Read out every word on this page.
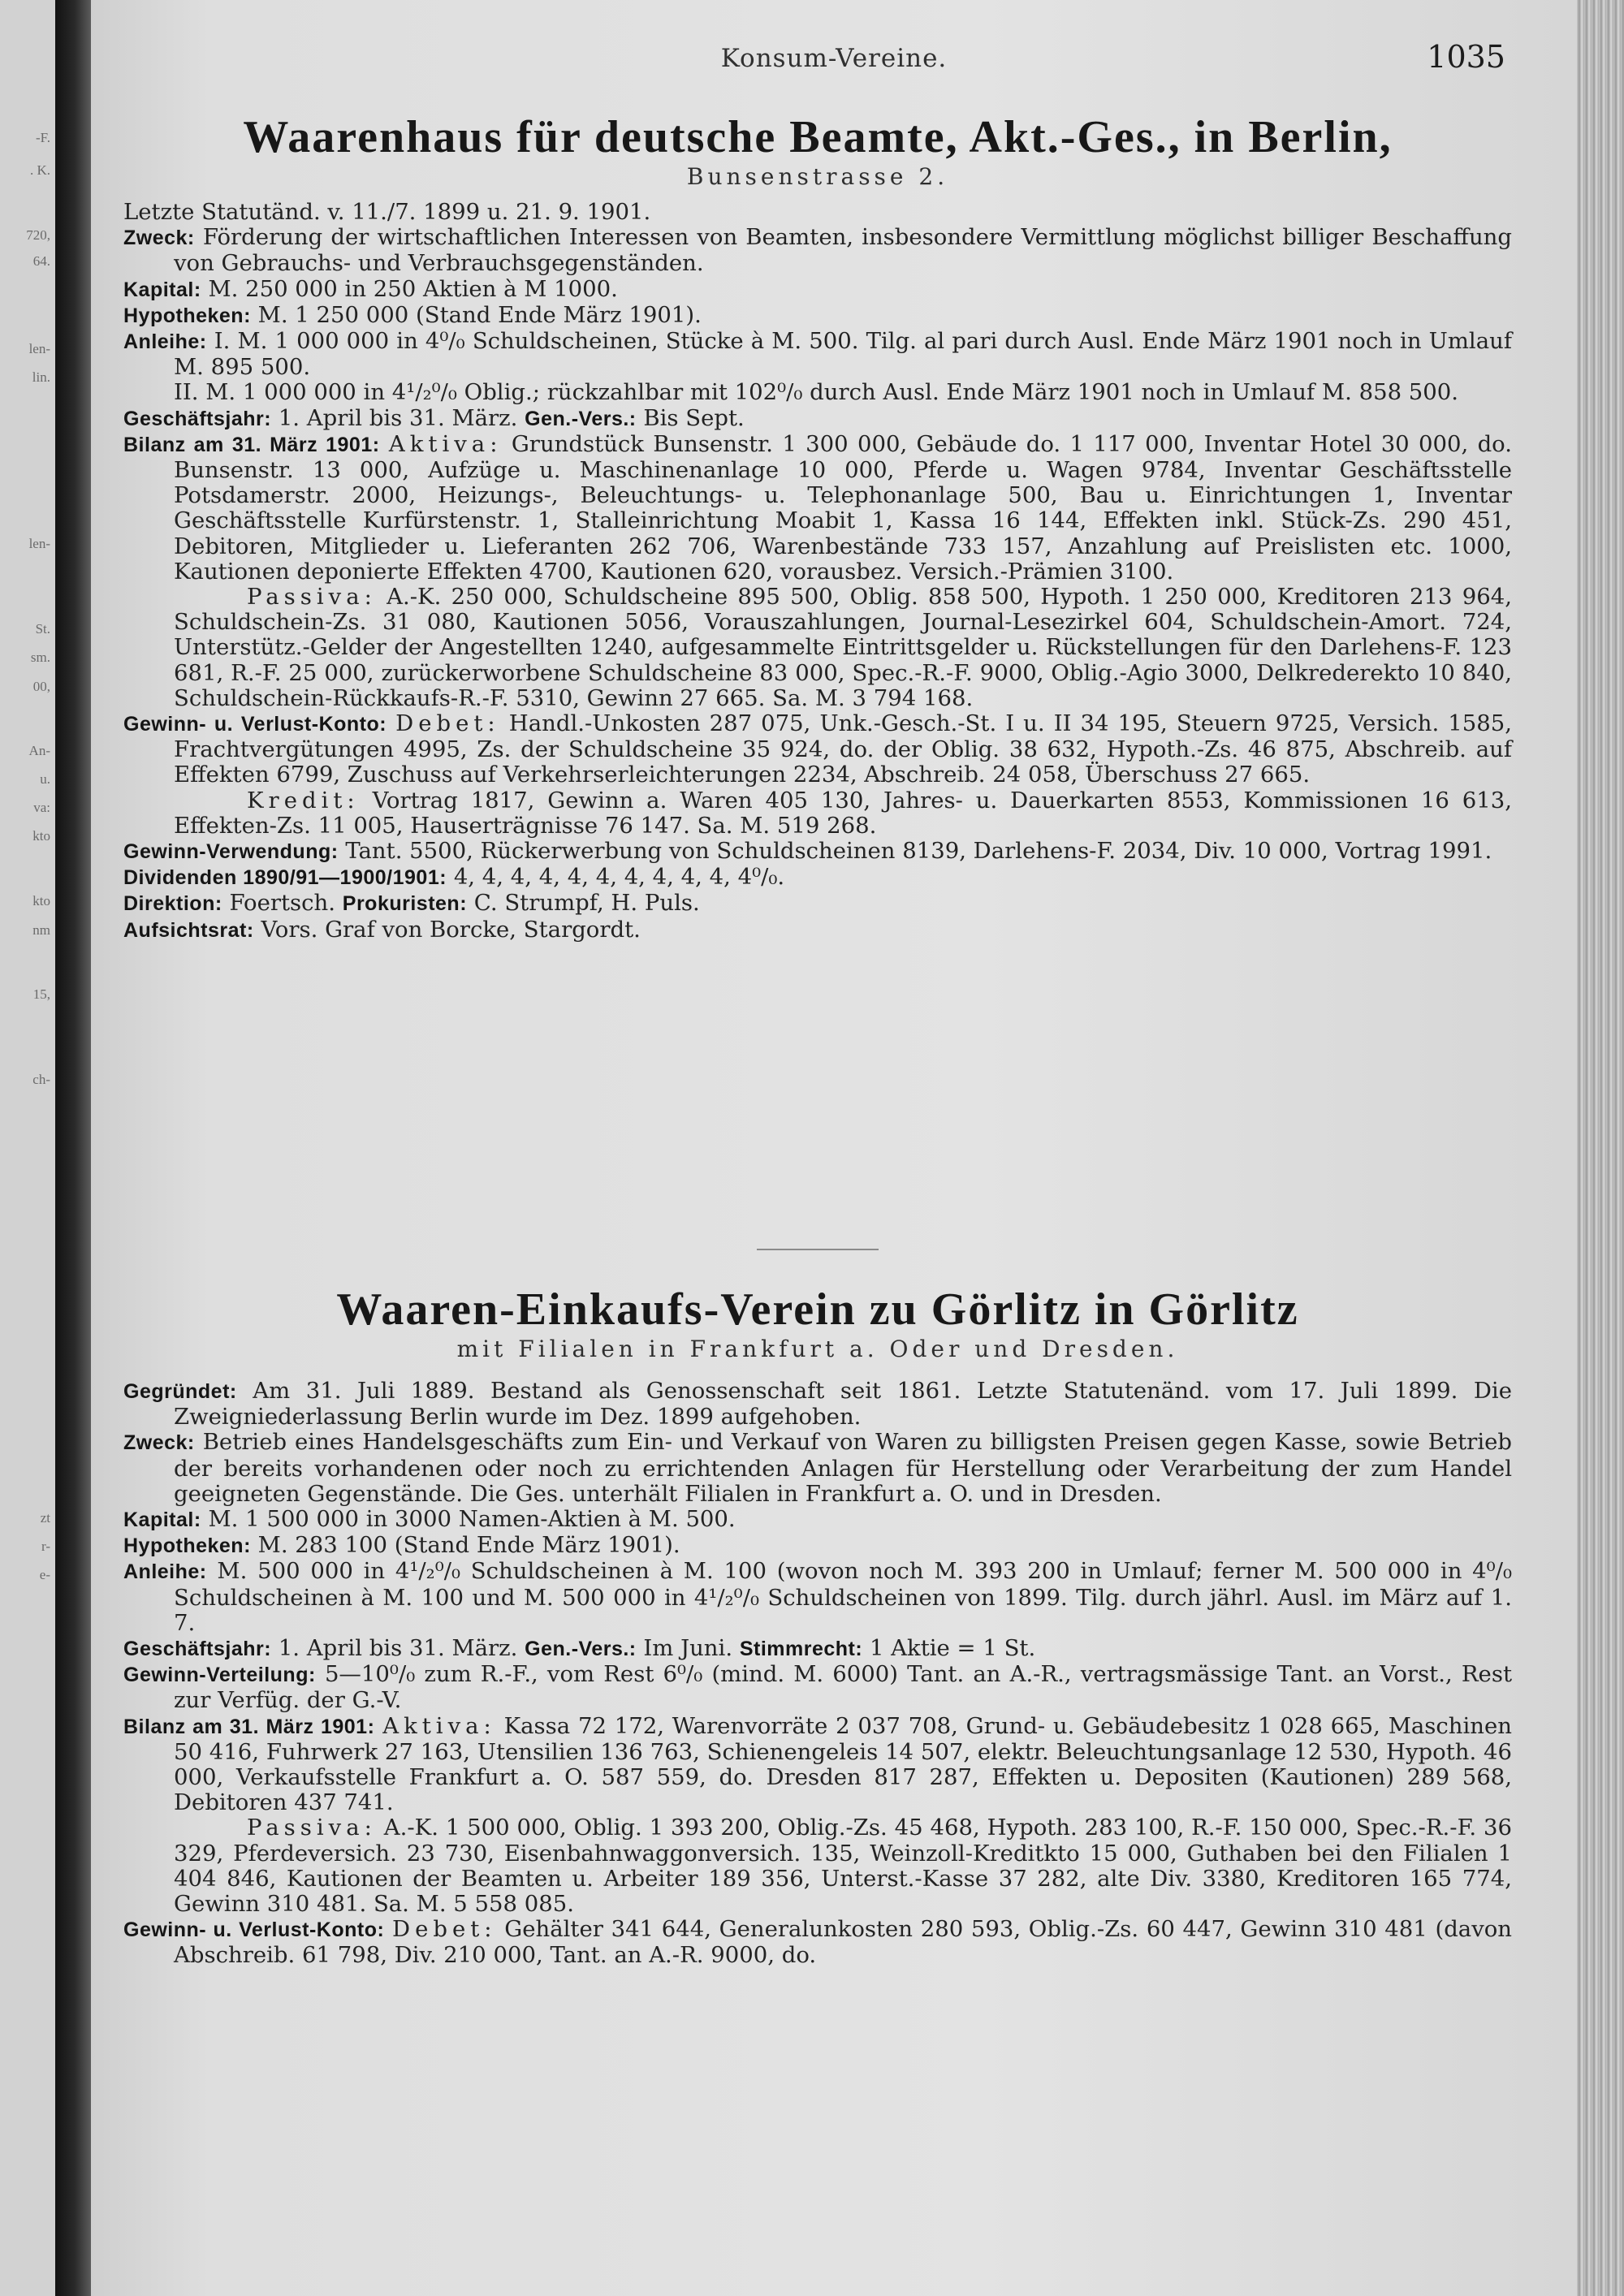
-F.
. K.
720,
64.
len-
lin.
len-
St.
sm.
00,
An-
u.
va:
kto
kto
nm
15,
ch-
zt
r-
e-
Konsum-Vereine.	1035
Waarenhaus für deutsche Beamte, Akt.-Ges., in Berlin,
Bunsenstrasse 2.

Letzte Statutänd. v. 11./7. 1899 u. 21. 9. 1901.

Zweck: Förderung der wirtschaftlichen Interessen von Beamten, insbesondere Vermittlung möglichst billiger Beschaffung von Gebrauchs- und Verbrauchsgegenständen.

Kapital: M. 250 000 in 250 Aktien à M 1000.

Hypotheken: M. 1 250 000 (Stand Ende März 1901).

Anleihe: I. M. 1 000 000 in 4⁰/₀ Schuldscheinen, Stücke à M. 500. Tilg. al pari durch Ausl. Ende März 1901 noch in Umlauf M. 895 500.

II. M. 1 000 000 in 4¹/₂⁰/₀ Oblig.; rückzahlbar mit 102⁰/₀ durch Ausl. Ende März 1901 noch in Umlauf M. 858 500.

Geschäftsjahr: 1. April bis 31. März. Gen.-Vers.: Bis Sept.

Bilanz am 31. März 1901: Aktiva: Grundstück Bunsenstr. 1 300 000, Gebäude do. 1 117 000, Inventar Hotel 30 000, do. Bunsenstr. 13 000, Aufzüge u. Maschinenanlage 10 000, Pferde u. Wagen 9784, Inventar Geschäftsstelle Potsdamerstr. 2000, Heizungs-, Beleuchtungs- u. Telephonanlage 500, Bau u. Einrichtungen 1, Inventar Geschäftsstelle Kurfürstenstr. 1, Stalleinrichtung Moabit 1, Kassa 16 144, Effekten inkl. Stück-Zs. 290 451, Debitoren, Mitglieder u. Lieferanten 262 706, Warenbestände 733 157, Anzahlung auf Preislisten etc. 1000, Kautionen deponierte Effekten 4700, Kautionen 620, vorausbez. Versich.-Prämien 3100.

Passiva: A.-K. 250 000, Schuldscheine 895 500, Oblig. 858 500, Hypoth. 1 250 000, Kreditoren 213 964, Schuldschein-Zs. 31 080, Kautionen 5056, Vorauszahlungen, Journal-Lesezirkel 604, Schuldschein-Amort. 724, Unterstütz.-Gelder der Angestellten 1240, aufgesammelte Eintrittsgelder u. Rückstellungen für den Darlehens-F. 123 681, R.-F. 25 000, zurückerworbene Schuldscheine 83 000, Spec.-R.-F. 9000, Oblig.-Agio 3000, Delkrederekto 10 840, Schuldschein-Rückkaufs-R.-F. 5310, Gewinn 27 665. Sa. M. 3 794 168.

Gewinn- u. Verlust-Konto: Debet: Handl.-Unkosten 287 075, Unk.-Gesch.-St. I u. II 34 195, Steuern 9725, Versich. 1585, Frachtvergütungen 4995, Zs. der Schuldscheine 35 924, do. der Oblig. 38 632, Hypoth.-Zs. 46 875, Abschreib. auf Effekten 6799, Zuschuss auf Verkehrserleichterungen 2234, Abschreib. 24 058, Überschuss 27 665.

Kredit: Vortrag 1817, Gewinn a. Waren 405 130, Jahres- u. Dauerkarten 8553, Kommissionen 16 613, Effekten-Zs. 11 005, Hauserträgnisse 76 147. Sa. M. 519 268.

Gewinn-Verwendung: Tant. 5500, Rückerwerbung von Schuldscheinen 8139, Darlehens-F. 2034, Div. 10 000, Vortrag 1991.

Dividenden 1890/91—1900/1901: 4, 4, 4, 4, 4, 4, 4, 4, 4, 4, 4⁰/₀.

Direktion: Foertsch. Prokuristen: C. Strumpf, H. Puls.

Aufsichtsrat: Vors. Graf von Borcke, Stargordt.

Waaren-Einkaufs-Verein zu Görlitz in Görlitz
mit Filialen in Frankfurt a. Oder und Dresden.

Gegründet: Am 31. Juli 1889. Bestand als Genossenschaft seit 1861. Letzte Statutenänd. vom 17. Juli 1899. Die Zweigniederlassung Berlin wurde im Dez. 1899 aufgehoben.

Zweck: Betrieb eines Handelsgeschäfts zum Ein- und Verkauf von Waren zu billigsten Preisen gegen Kasse, sowie Betrieb der bereits vorhandenen oder noch zu errichtenden Anlagen für Herstellung oder Verarbeitung der zum Handel geeigneten Gegenstände. Die Ges. unterhält Filialen in Frankfurt a. O. und in Dresden.

Kapital: M. 1 500 000 in 3000 Namen-Aktien à M. 500.

Hypotheken: M. 283 100 (Stand Ende März 1901).

Anleihe: M. 500 000 in 4¹/₂⁰/₀ Schuldscheinen à M. 100 (wovon noch M. 393 200 in Umlauf; ferner M. 500 000 in 4⁰/₀ Schuldscheinen à M. 100 und M. 500 000 in 4¹/₂⁰/₀ Schuldscheinen von 1899. Tilg. durch jährl. Ausl. im März auf 1. 7.

Geschäftsjahr: 1. April bis 31. März. Gen.-Vers.: Im Juni. Stimmrecht: 1 Aktie = 1 St.

Gewinn-Verteilung: 5—10⁰/₀ zum R.-F., vom Rest 6⁰/₀ (mind. M. 6000) Tant. an A.-R., vertragsmässige Tant. an Vorst., Rest zur Verfüg. der G.-V.

Bilanz am 31. März 1901: Aktiva: Kassa 72 172, Warenvorräte 2 037 708, Grund- u. Gebäudebesitz 1 028 665, Maschinen 50 416, Fuhrwerk 27 163, Utensilien 136 763, Schienengeleis 14 507, elektr. Beleuchtungsanlage 12 530, Hypoth. 46 000, Verkaufsstelle Frankfurt a. O. 587 559, do. Dresden 817 287, Effekten u. Depositen (Kautionen) 289 568, Debitoren 437 741.

Passiva: A.-K. 1 500 000, Oblig. 1 393 200, Oblig.-Zs. 45 468, Hypoth. 283 100, R.-F. 150 000, Spec.-R.-F. 36 329, Pferdeversich. 23 730, Eisenbahnwaggonversich. 135, Weinzoll-Kreditkto 15 000, Guthaben bei den Filialen 1 404 846, Kautionen der Beamten u. Arbeiter 189 356, Unterst.-Kasse 37 282, alte Div. 3380, Kreditoren 165 774, Gewinn 310 481. Sa. M. 5 558 085.

Gewinn- u. Verlust-Konto: Debet: Gehälter 341 644, Generalunkosten 280 593, Oblig.-Zs. 60 447, Gewinn 310 481 (davon Abschreib. 61 798, Div. 210 000, Tant. an A.-R. 9000, do.
